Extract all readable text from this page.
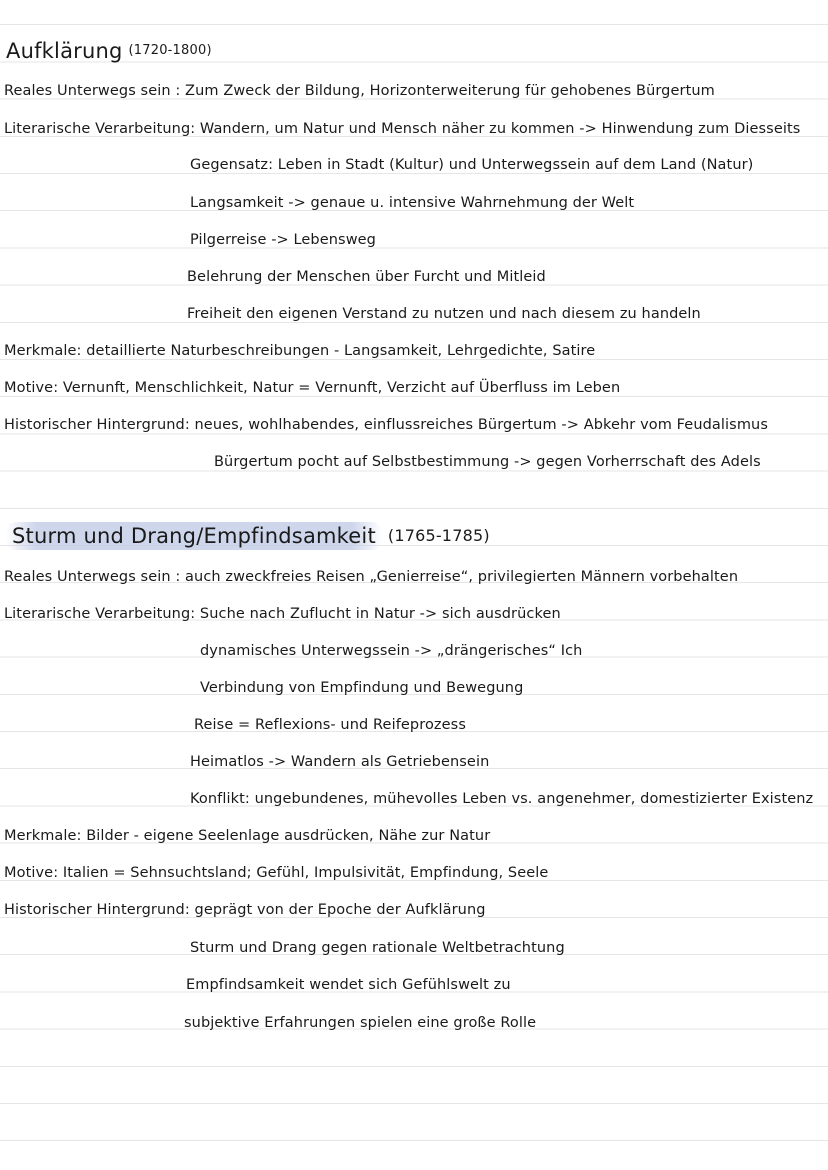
Aufklärung (1720-1800)
Reales Unterwegs sein : Zum Zweck der Bildung, Horizonterweiterung für gehobenes Bürgertum
Literarische Verarbeitung: Wandern, um Natur und Mensch näher zu kommen -> Hinwendung zum Diesseits
Gegensatz: Leben in Stadt (Kultur) und Unterwegssein auf dem Land (Natur)
Langsamkeit -> genaue u. intensive Wahrnehmung der Welt
Pilgerreise -> Lebensweg
Belehrung der Menschen über Furcht und Mitleid
Freiheit den eigenen Verstand zu nutzen und nach diesem zu handeln
Merkmale: detaillierte Naturbeschreibungen - Langsamkeit, Lehrgedichte, Satire
Motive: Vernunft, Menschlichkeit, Natur = Vernunft, Verzicht auf Überfluss im Leben
Historischer Hintergrund: neues, wohlhabendes, einflussreiches Bürgertum -> Abkehr vom Feudalismus
Bürgertum pocht auf Selbstbestimmung -> gegen Vorherrschaft des Adels
Sturm und Drang/Empfindsamkeit (1765-1785)
Reales Unterwegs sein : auch zweckfreies Reisen „Genierreise“, privilegierten Männern vorbehalten
Literarische Verarbeitung: Suche nach Zuflucht in Natur -> sich ausdrücken
dynamisches Unterwegssein -> „drängerisches“ Ich
Verbindung von Empfindung und Bewegung
Reise = Reflexions- und Reifeprozess
Heimatlos -> Wandern als Getriebensein
Konflikt: ungebundenes, mühevolles Leben vs. angenehmer, domestizierter Existenz
Merkmale: Bilder - eigene Seelenlage ausdrücken, Nähe zur Natur
Motive: Italien = Sehnsuchtsland; Gefühl, Impulsivität, Empfindung, Seele
Historischer Hintergrund: geprägt von der Epoche der Aufklärung
Sturm und Drang gegen rationale Weltbetrachtung
Empfindsamkeit wendet sich Gefühlswelt zu
subjektive Erfahrungen spielen eine große Rolle
